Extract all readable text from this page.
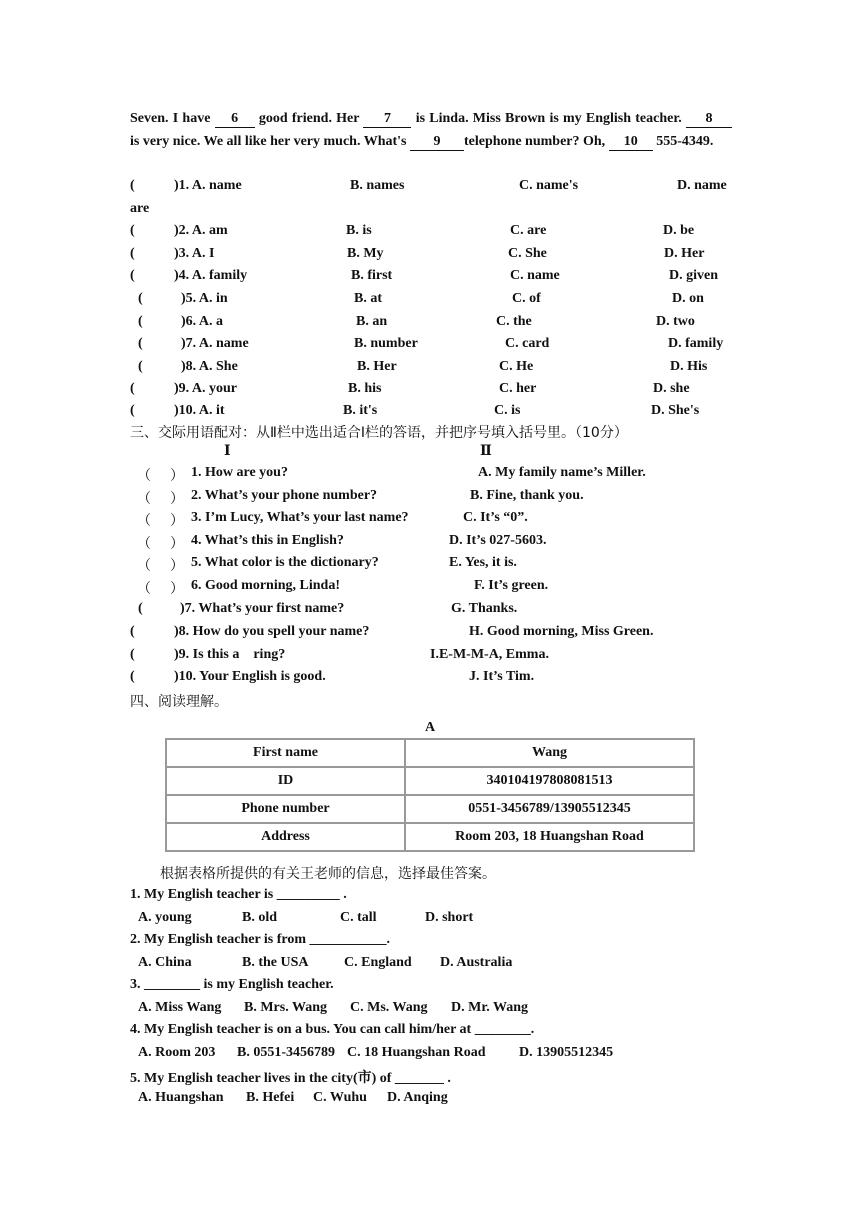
Seven. I have 6 good friend. Her 7 is Linda. Miss Brown is my English teacher. 8 is very nice. We all like her very much. What's 9 telephone number? Oh, 10 555-4349.
(	)1. A. name	B. names	C. name's	D. name
are
(	)2. A. am	B. is	C. are	D. be
(	)3. A. I	B. My	C. She	D. Her
(	)4. A. family	B. first	C. name	D. given
(	)5. A. in	B. at	C. of	D. on
(	)6. A. a	B. an	C. the	D. two
(	)7. A. name	B. number	C. card	D. family
(	)8. A. She	B. Her	C. He	D. His
(	)9. A. your	B. his	C. her	D. she
(	)10. A. it	B. it's	C. is	D. She's
三、交际用语配对：从Ⅱ栏中选出适合Ⅰ栏的答语，并把序号填入括号里。（10分）
Ⅰ	Ⅱ
（ ） 1. How are you?	A. My family name’s Miller.
（ ） 2. What’s your phone number?	B. Fine, thank you.
（ ） 3. I’m Lucy, What’s your last name?	C. It’s “0”.
（ ） 4. What’s this in English?	D. It’s 027-5603.
（ ） 5. What color is the dictionary?	E. Yes, it is.
（ ） 6. Good morning, Linda!	F. It’s green.
(	)7. What’s your first name?	G. Thanks.
(	)8. How do you spell your name?	H. Good morning, Miss Green.
(	)9. Is this a    ring?	I.E-M-M-A, Emma.
(	)10. Your English is good.	J. It’s Tim.
四、阅读理解。
A
First name	Wang
ID	340104197808081513
Phone number	0551-3456789/13905512345
Address	Room 203, 18 Huangshan Road
根据表格所提供的有关王老师的信息，选择最佳答案。
1. My English teacher is _________ .
A. young	B. old	C. tall	D. short
2. My English teacher is from ___________.
A. China	B. the USA	C. England D. Australia
3. ________ is my English teacher.
A. Miss Wang B. Mrs. Wang C. Ms. Wang D. Mr. Wang
4. My English teacher is on a bus. You can call him/her at ________.
A. Room 203 B. 0551-3456789 C. 18 Huangshan Road D. 13905512345
5. My English teacher lives in the city(市) of _______ .
A. Huangshan B. Hefei C. Wuhu D. Anqing
